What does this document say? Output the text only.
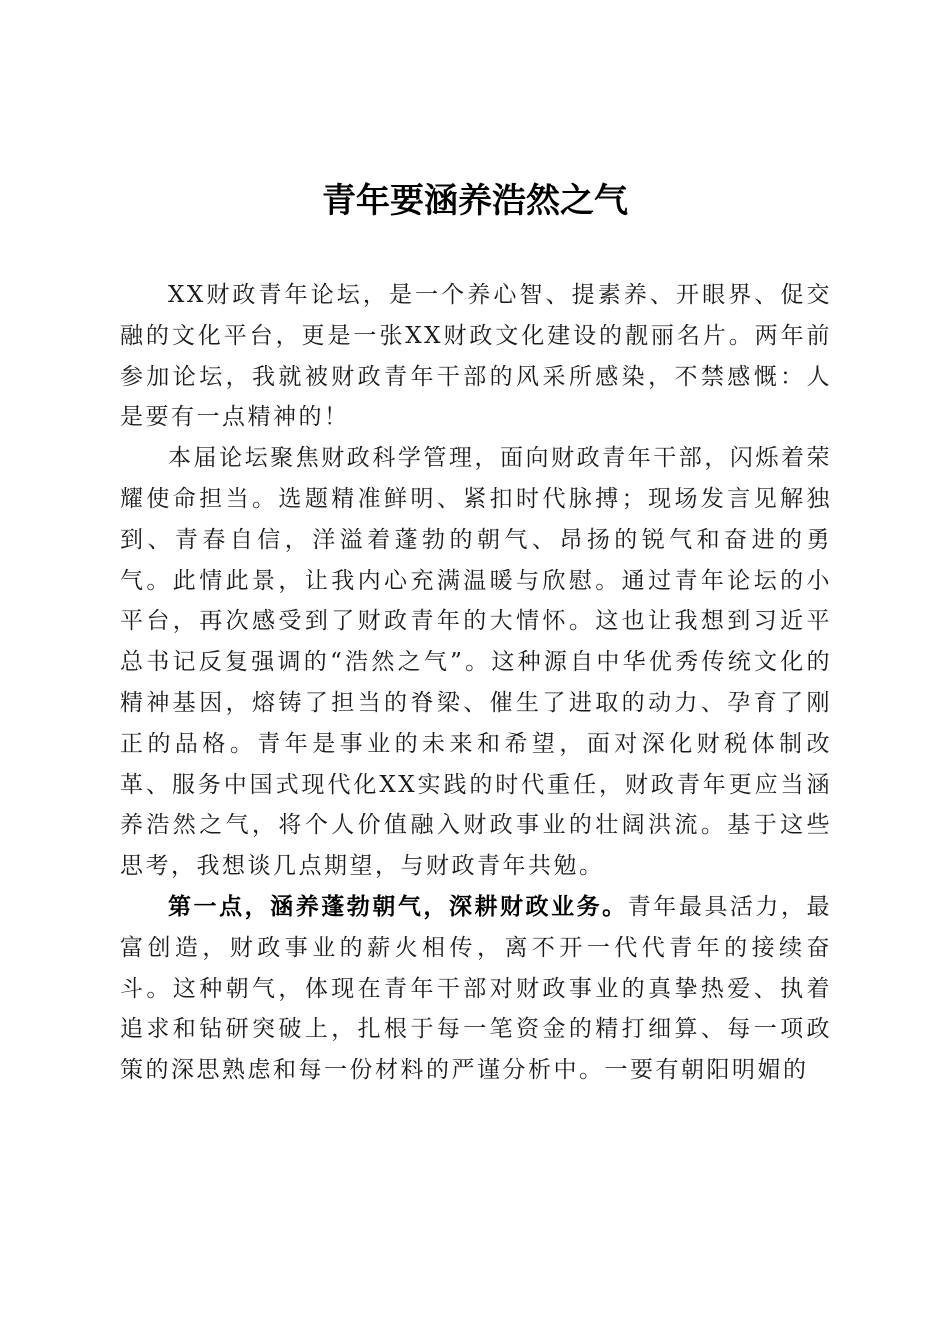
青年要涵养浩然之气

XX财政青年论坛，是一个养心智、提素养、开眼界、促交融的文化平台，更是一张XX财政文化建设的靓丽名片。两年前参加论坛，我就被财政青年干部的风采所感染，不禁感慨：人是要有一点精神的！

本届论坛聚焦财政科学管理，面向财政青年干部，闪烁着荣耀使命担当。选题精准鲜明、紧扣时代脉搏；现场发言见解独到、青春自信，洋溢着蓬勃的朝气、昂扬的锐气和奋进的勇气。此情此景，让我内心充满温暖与欣慰。通过青年论坛的小平台，再次感受到了财政青年的大情怀。这也让我想到习近平总书记反复强调的“浩然之气”。这种源自中华优秀传统文化的精神基因，熔铸了担当的脊梁、催生了进取的动力、孕育了刚正的品格。青年是事业的未来和希望，面对深化财税体制改革、服务中国式现代化XX实践的时代重任，财政青年更应当涵养浩然之气，将个人价值融入财政事业的壮阔洪流。基于这些思考，我想谈几点期望，与财政青年共勉。

第一点，涵养蓬勃朝气，深耕财政业务。青年最具活力，最富创造，财政事业的薪火相传，离不开一代代青年的接续奋斗。这种朝气，体现在青年干部对财政事业的真挚热爱、执着追求和钻研突破上，扎根于每一笔资金的精打细算、每一项政策的深思熟虑和每一份材料的严谨分析中。一要有朝阳明媚的
